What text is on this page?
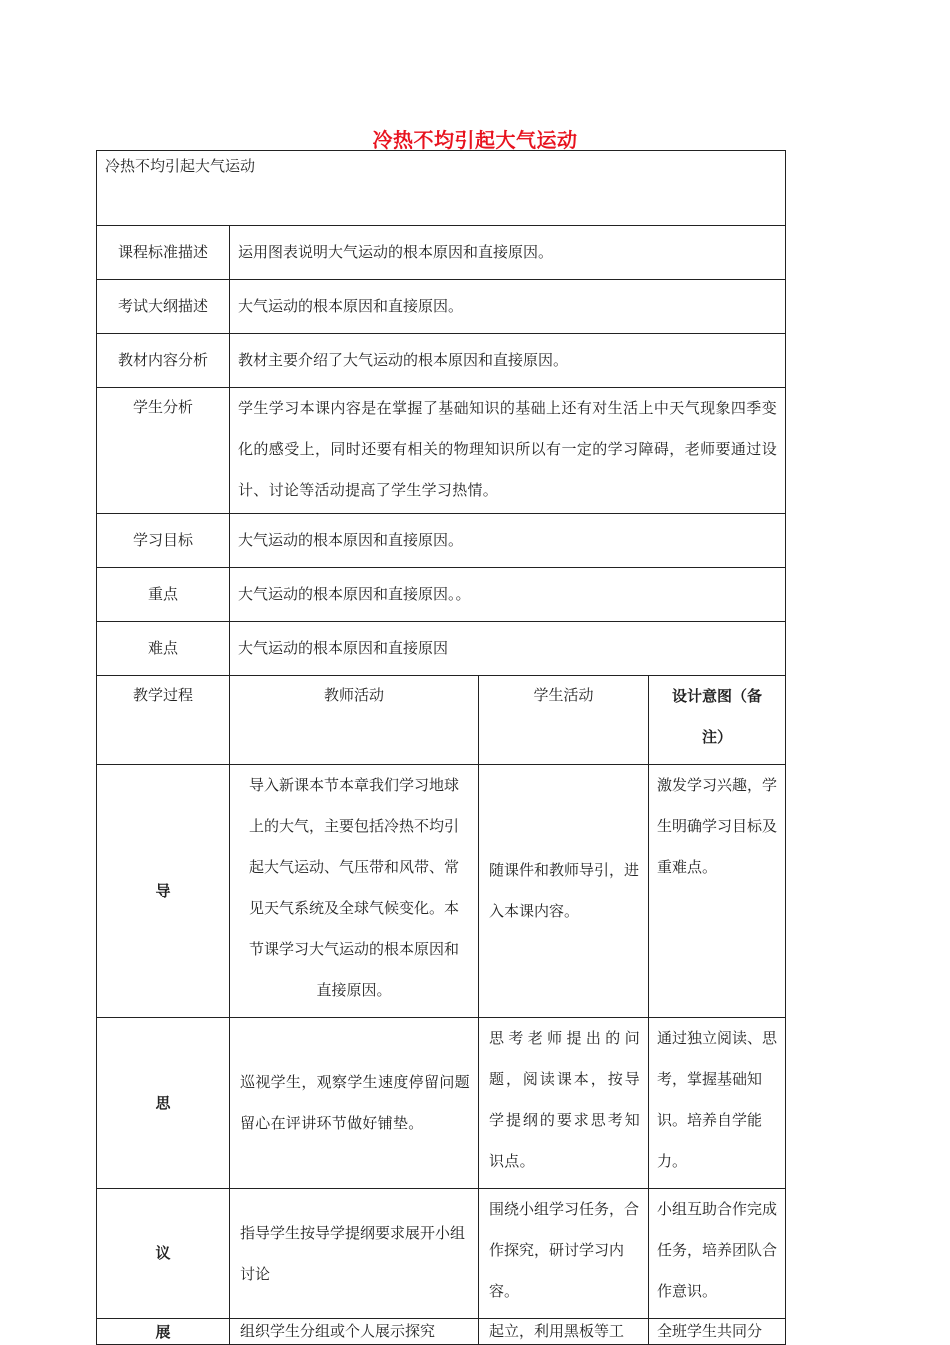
冷热不均引起大气运动
冷热不均引起大气运动			
课程标准描述	运用图表说明大气运动的根本原因和直接原因。		
考试大纲描述	大气运动的根本原因和直接原因。		
教材内容分析	教材主要介绍了大气运动的根本原因和直接原因。		
学生分析	学生学习本课内容是在掌握了基础知识的基础上还有对生活上中天气现象四季变化的感受上，同时还要有相关的物理知识所以有一定的学习障碍，老师要通过设计、讨论等活动提高了学生学习热情。		
学习目标	大气运动的根本原因和直接原因。		
重点	大气运动的根本原因和直接原因。。		
难点	大气运动的根本原因和直接原因		
教学过程	教师活动	学生活动	设计意图（备注）
导	导入新课本节本章我们学习地球上的大气，主要包括冷热不均引起大气运动、气压带和风带、常见天气系统及全球气候变化。本节课学习大气运动的根本原因和直接原因。	随课件和教师导引，进入本课内容。	激发学习兴趣，学生明确学习目标及重难点。
思	巡视学生，观察学生速度停留问题留心在评讲环节做好铺垫。	思考老师提出的问题，阅读课本，按导学提纲的要求思考知识点。	通过独立阅读、思考，掌握基础知识。培养自学能力。
议	指导学生按导学提纲要求展开小组讨论	围绕小组学习任务，合作探究，研讨学习内容。	小组互助合作完成任务，培养团队合作意识。
展	组织学生分组或个人展示探究	起立，利用黑板等工	全班学生共同分
